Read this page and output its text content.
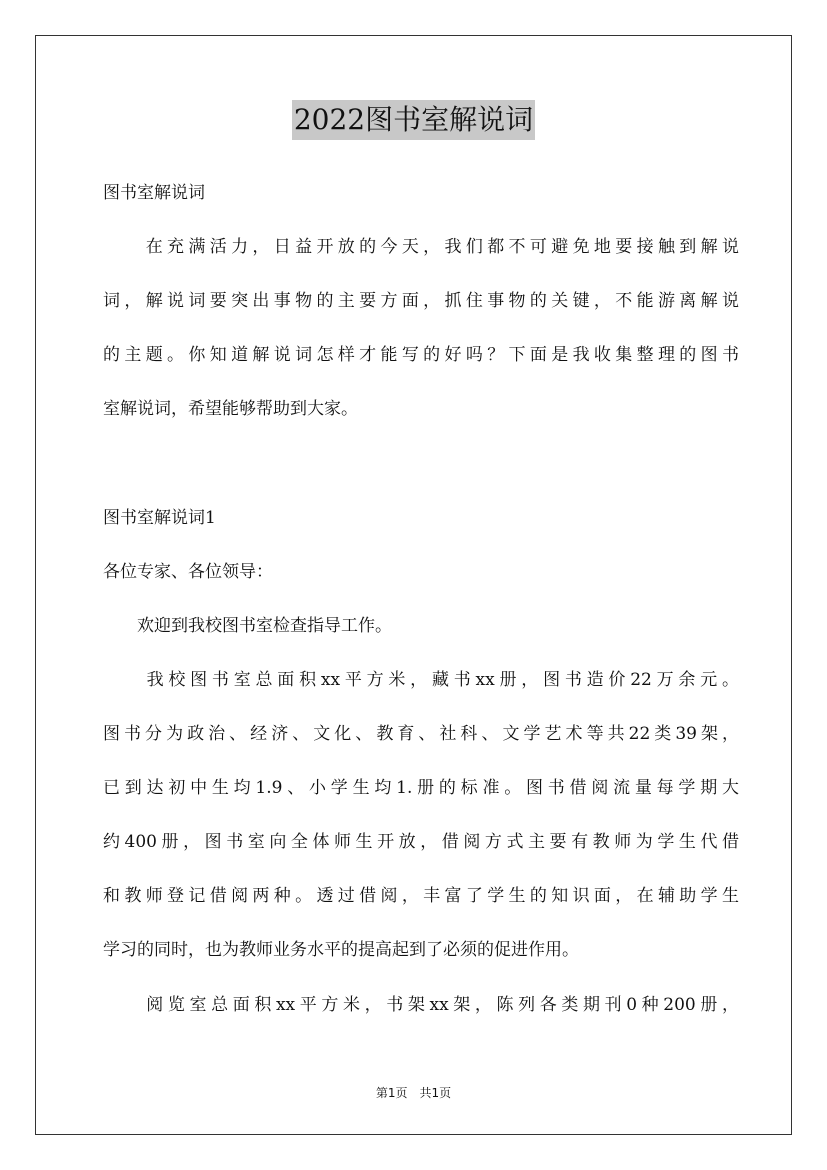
2022图书室解说词
图书室解说词
　　在充满活力，日益开放的今天，我们都不可避免地要接触到解说
词，解说词要突出事物的主要方面，抓住事物的关键，不能游离解说
的主题。你知道解说词怎样才能写的好吗？下面是我收集整理的图书
室解说词，希望能够帮助到大家。
图书室解说词1
各位专家、各位领导：
　　欢迎到我校图书室检查指导工作。
　　我校图书室总面积xx平方米，藏书xx册，图书造价22万余元。
图书分为政治、经济、文化、教育、社科、文学艺术等共22类39架，
已到达初中生均1.9、小学生均1.册的标准。图书借阅流量每学期大
约400册，图书室向全体师生开放，借阅方式主要有教师为学生代借
和教师登记借阅两种。透过借阅，丰富了学生的知识面，在辅助学生
学习的同时，也为教师业务水平的提高起到了必须的促进作用。
　　阅览室总面积xx平方米，书架xx架，陈列各类期刊0种200册，
第1页　共1页
